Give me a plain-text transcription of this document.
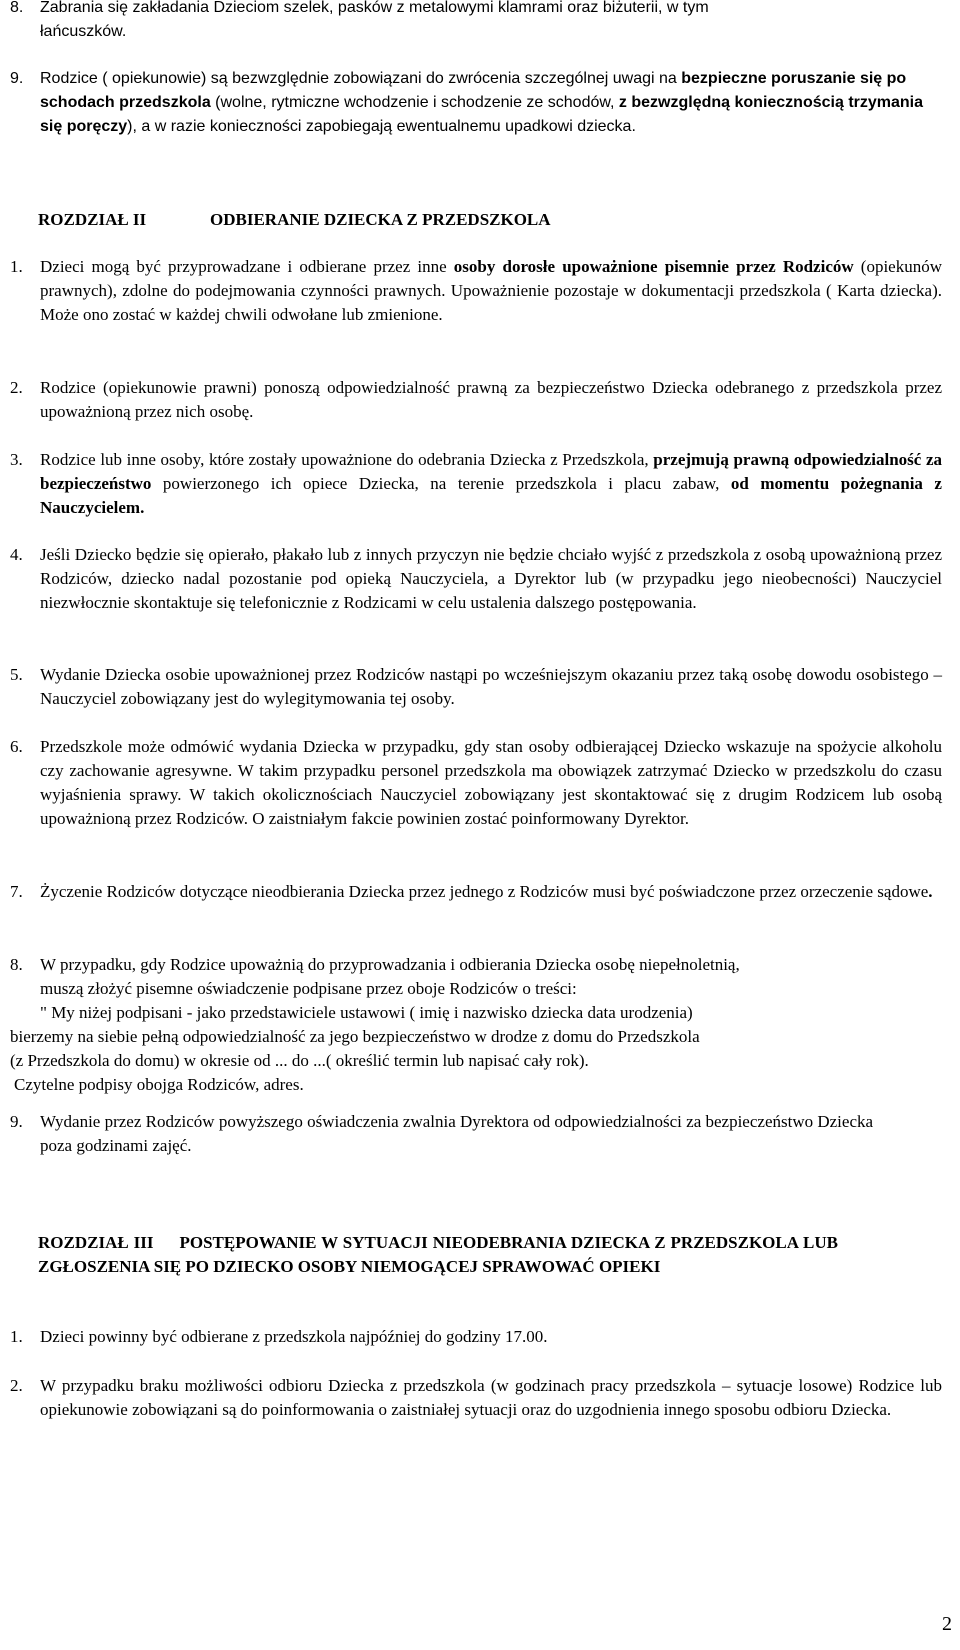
8.	Zabrania się zakładania Dzieciom szelek, pasków z metalowymi klamrami oraz biżuterii, w tym
łańcuszków.
9.	Rodzice ( opiekunowie) są bezwzględnie zobowiązani do zwrócenia szczególnej uwagi na bezpieczne poruszanie się po schodach przedszkola (wolne, rytmiczne wchodzenie i schodzenie ze schodów, z bezwzględną koniecznością trzymania się poręczy), a w razie konieczności zapobiegają ewentualnemu upadkowi dziecka.
ROZDZIAŁ II	ODBIERANIE DZIECKA Z PRZEDSZKOLA
1.	Dzieci mogą być przyprowadzane i odbierane przez inne osoby dorosłe upoważnione pisemnie przez Rodziców (opiekunów prawnych), zdolne do podejmowania czynności prawnych. Upoważnienie pozostaje w dokumentacji przedszkola ( Karta dziecka). Może ono zostać w każdej chwili odwołane lub zmienione.
2.	Rodzice (opiekunowie prawni) ponoszą odpowiedzialność prawną za bezpieczeństwo Dziecka odebranego z przedszkola przez upoważnioną przez nich osobę.
3.	Rodzice lub inne osoby, które zostały upoważnione do odebrania Dziecka z Przedszkola, przejmują prawną odpowiedzialność za bezpieczeństwo powierzonego ich opiece Dziecka, na terenie przedszkola i placu zabaw, od momentu pożegnania z Nauczycielem.
4.	Jeśli Dziecko będzie się opierało, płakało lub z innych przyczyn nie będzie chciało wyjść z przedszkola z osobą upoważnioną przez Rodziców, dziecko nadal pozostanie pod opieką Nauczyciela, a Dyrektor lub (w przypadku jego nieobecności) Nauczyciel niezwłocznie skontaktuje się telefonicznie z Rodzicami w celu ustalenia dalszego postępowania.
5.	Wydanie Dziecka osobie upoważnionej przez Rodziców nastąpi po wcześniejszym okazaniu przez taką osobę dowodu osobistego – Nauczyciel zobowiązany jest do wylegitymowania tej osoby.
6.	Przedszkole może odmówić wydania Dziecka w przypadku, gdy stan osoby odbierającej Dziecko wskazuje na spożycie alkoholu czy zachowanie agresywne. W takim przypadku personel przedszkola ma obowiązek zatrzymać Dziecko w przedszkolu do czasu wyjaśnienia sprawy. W takich okolicznościach Nauczyciel zobowiązany jest skontaktować się z drugim Rodzicem lub osobą upoważnioną przez Rodziców. O zaistniałym fakcie powinien zostać poinformowany Dyrektor.
7.	Życzenie Rodziców dotyczące nieodbierania Dziecka przez jednego z Rodziców musi być poświadczone przez orzeczenie sądowe.
8.	W przypadku, gdy Rodzice upoważnią do przyprowadzania i odbierania Dziecka osobę niepełnoletnią,
muszą złożyć pisemne oświadczenie podpisane przez oboje Rodziców o treści:
" My niżej podpisani - jako przedstawiciele ustawowi ( imię i nazwisko dziecka data urodzenia)
bierzemy na siebie pełną odpowiedzialność za jego bezpieczeństwo w drodze z domu do Przedszkola
(z Przedszkola do domu) w okresie od ... do ...( określić termin lub napisać cały rok).
Czytelne podpisy obojga Rodziców, adres.
9.	Wydanie przez Rodziców powyższego oświadczenia zwalnia Dyrektora od odpowiedzialności za bezpieczeństwo Dziecka poza godzinami zajęć.
ROZDZIAŁ III POSTĘPOWANIE W SYTUACJI NIEODEBRANIA DZIECKA Z PRZEDSZKOLA LUB ZGŁOSZENIA SIĘ PO DZIECKO OSOBY NIEMOGĄCEJ SPRAWOWAĆ OPIEKI
1.	Dzieci powinny być odbierane z przedszkola najpóźniej do godziny 17.00.
2.	W przypadku braku możliwości odbioru Dziecka z przedszkola (w godzinach pracy przedszkola – sytuacje losowe) Rodzice lub opiekunowie zobowiązani są do poinformowania o zaistniałej sytuacji oraz do uzgodnienia innego sposobu odbioru Dziecka.
2
